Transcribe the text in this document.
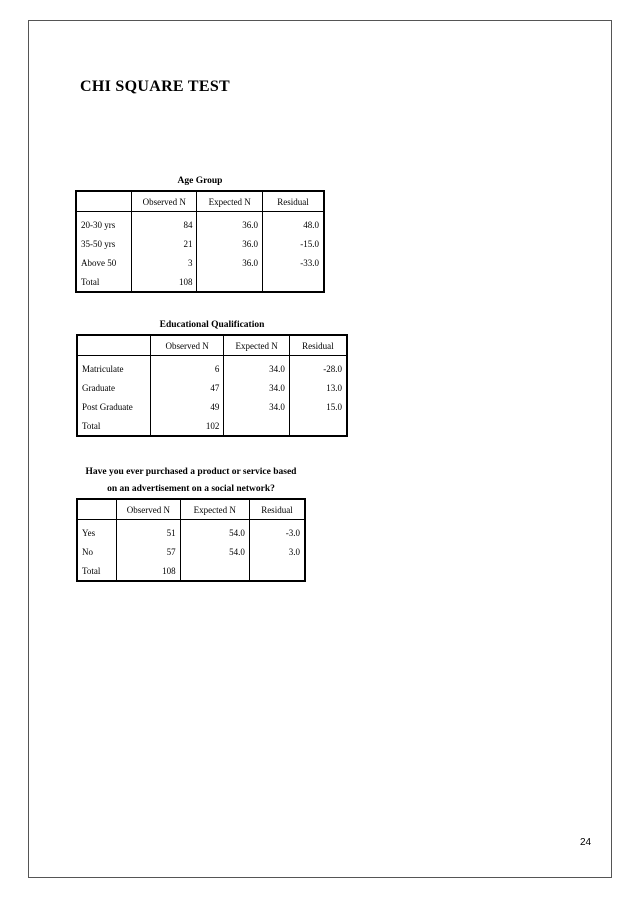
CHI SQUARE TEST
Age Group
	Observed N	Expected N	Residual
20-30 yrs	84	36.0	48.0
35-50 yrs	21	36.0	-15.0
Above 50	3	36.0	-33.0
Total	108		
Educational Qualification
	Observed N	Expected N	Residual
Matriculate	6	34.0	-28.0
Graduate	47	34.0	13.0
Post Graduate	49	34.0	15.0
Total	102		
Have you ever purchased a product or service based
on an advertisement on a social network?
	Observed N	Expected N	Residual
Yes	51	54.0	-3.0
No	57	54.0	3.0
Total	108		
24
